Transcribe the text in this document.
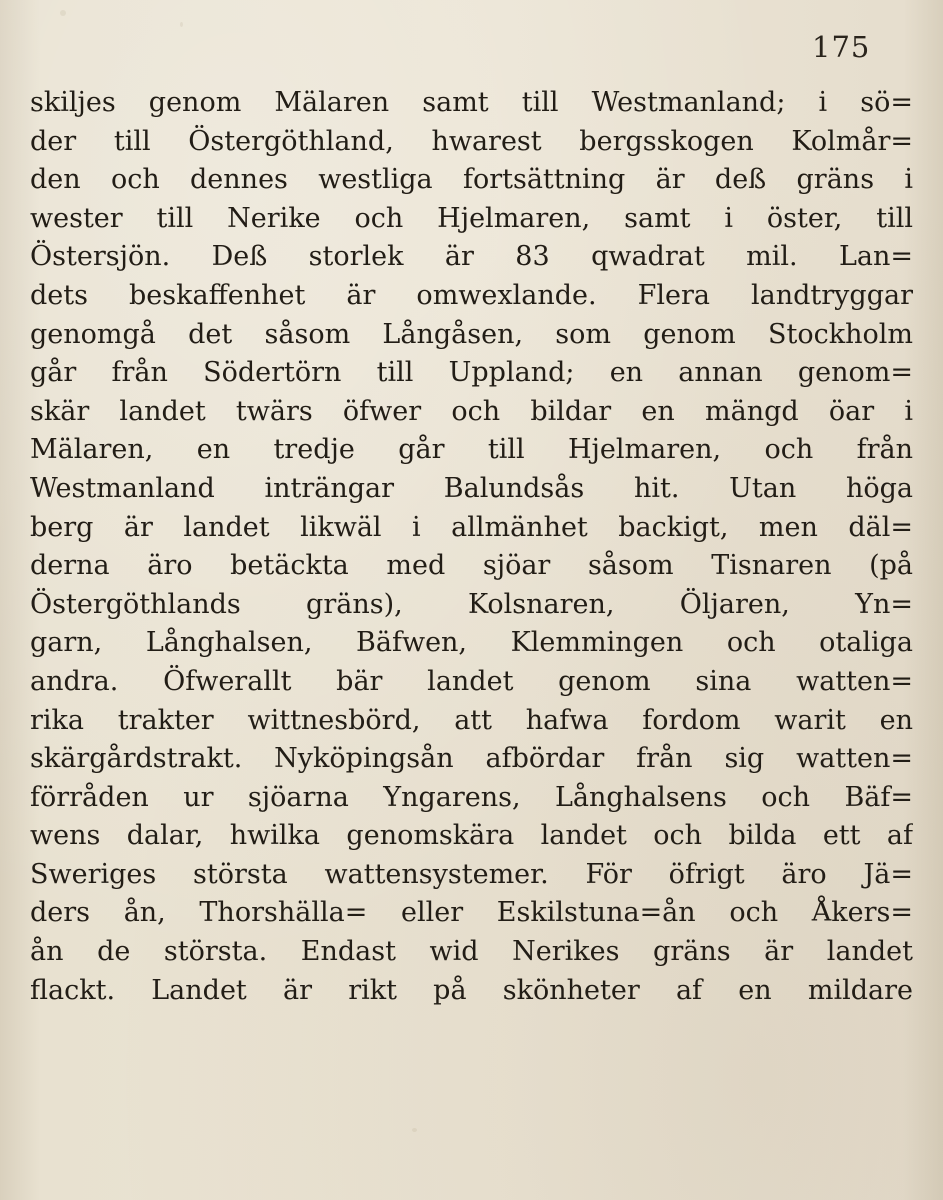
175
skiljes genom Mälaren samt till Westmanland; i sö=
der till Östergöthland, hwarest bergsskogen Kolmår=
den och dennes westliga fortsättning är deß gräns i
wester till Nerike och Hjelmaren, samt i öster, till
Östersjön. Deß storlek är 83 qwadrat mil. Lan=
dets beskaffenhet är omwexlande. Flera landtryggar
genomgå det såsom Långåsen, som genom Stockholm
går från Södertörn till Uppland; en annan genom=
skär landet twärs öfwer och bildar en mängd öar i
Mälaren, en tredje går till Hjelmaren, och från
Westmanland inträngar Balundsås hit. Utan höga
berg är landet likwäl i allmänhet backigt, men däl=
derna äro betäckta med sjöar såsom Tisnaren (på
Östergöthlands gräns), Kolsnaren, Öljaren, Yn=
garn, Långhalsen, Bäfwen, Klemmingen och otaliga
andra. Öfwerallt bär landet genom sina watten=
rika trakter wittnesbörd, att hafwa fordom warit en
skärgårdstrakt. Nyköpingsån afbördar från sig watten=
förråden ur sjöarna Yngarens, Långhalsens och Bäf=
wens dalar, hwilka genomskära landet och bilda ett af
Sweriges största wattensystemer. För öfrigt äro Jä=
ders ån, Thorshälla= eller Eskilstuna=ån och Åkers=
ån de största. Endast wid Nerikes gräns är landet
flackt. Landet är rikt på skönheter af en mildare
